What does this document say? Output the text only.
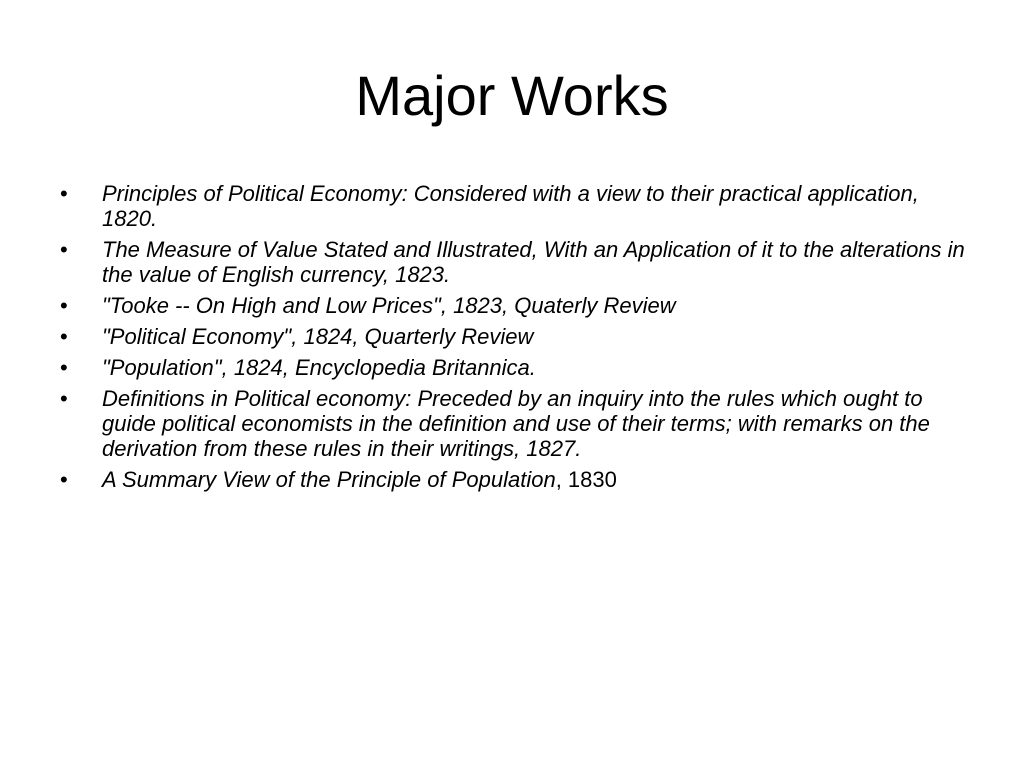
Major Works
•	Principles of Political Economy: Considered with a view to their practical application, 1820.
•	The Measure of Value Stated and Illustrated, With an Application of it to the alterations in the value of English currency, 1823.
•	"Tooke -- On High and Low Prices", 1823, Quaterly Review
•	"Political Economy", 1824, Quarterly Review
•	"Population", 1824, Encyclopedia Britannica.
•	Definitions in Political economy: Preceded by an inquiry into the rules which ought to guide political economists in the definition and use of their terms; with remarks on the derivation from these rules in their writings, 1827.
•	A Summary View of the Principle of Population, 1830
